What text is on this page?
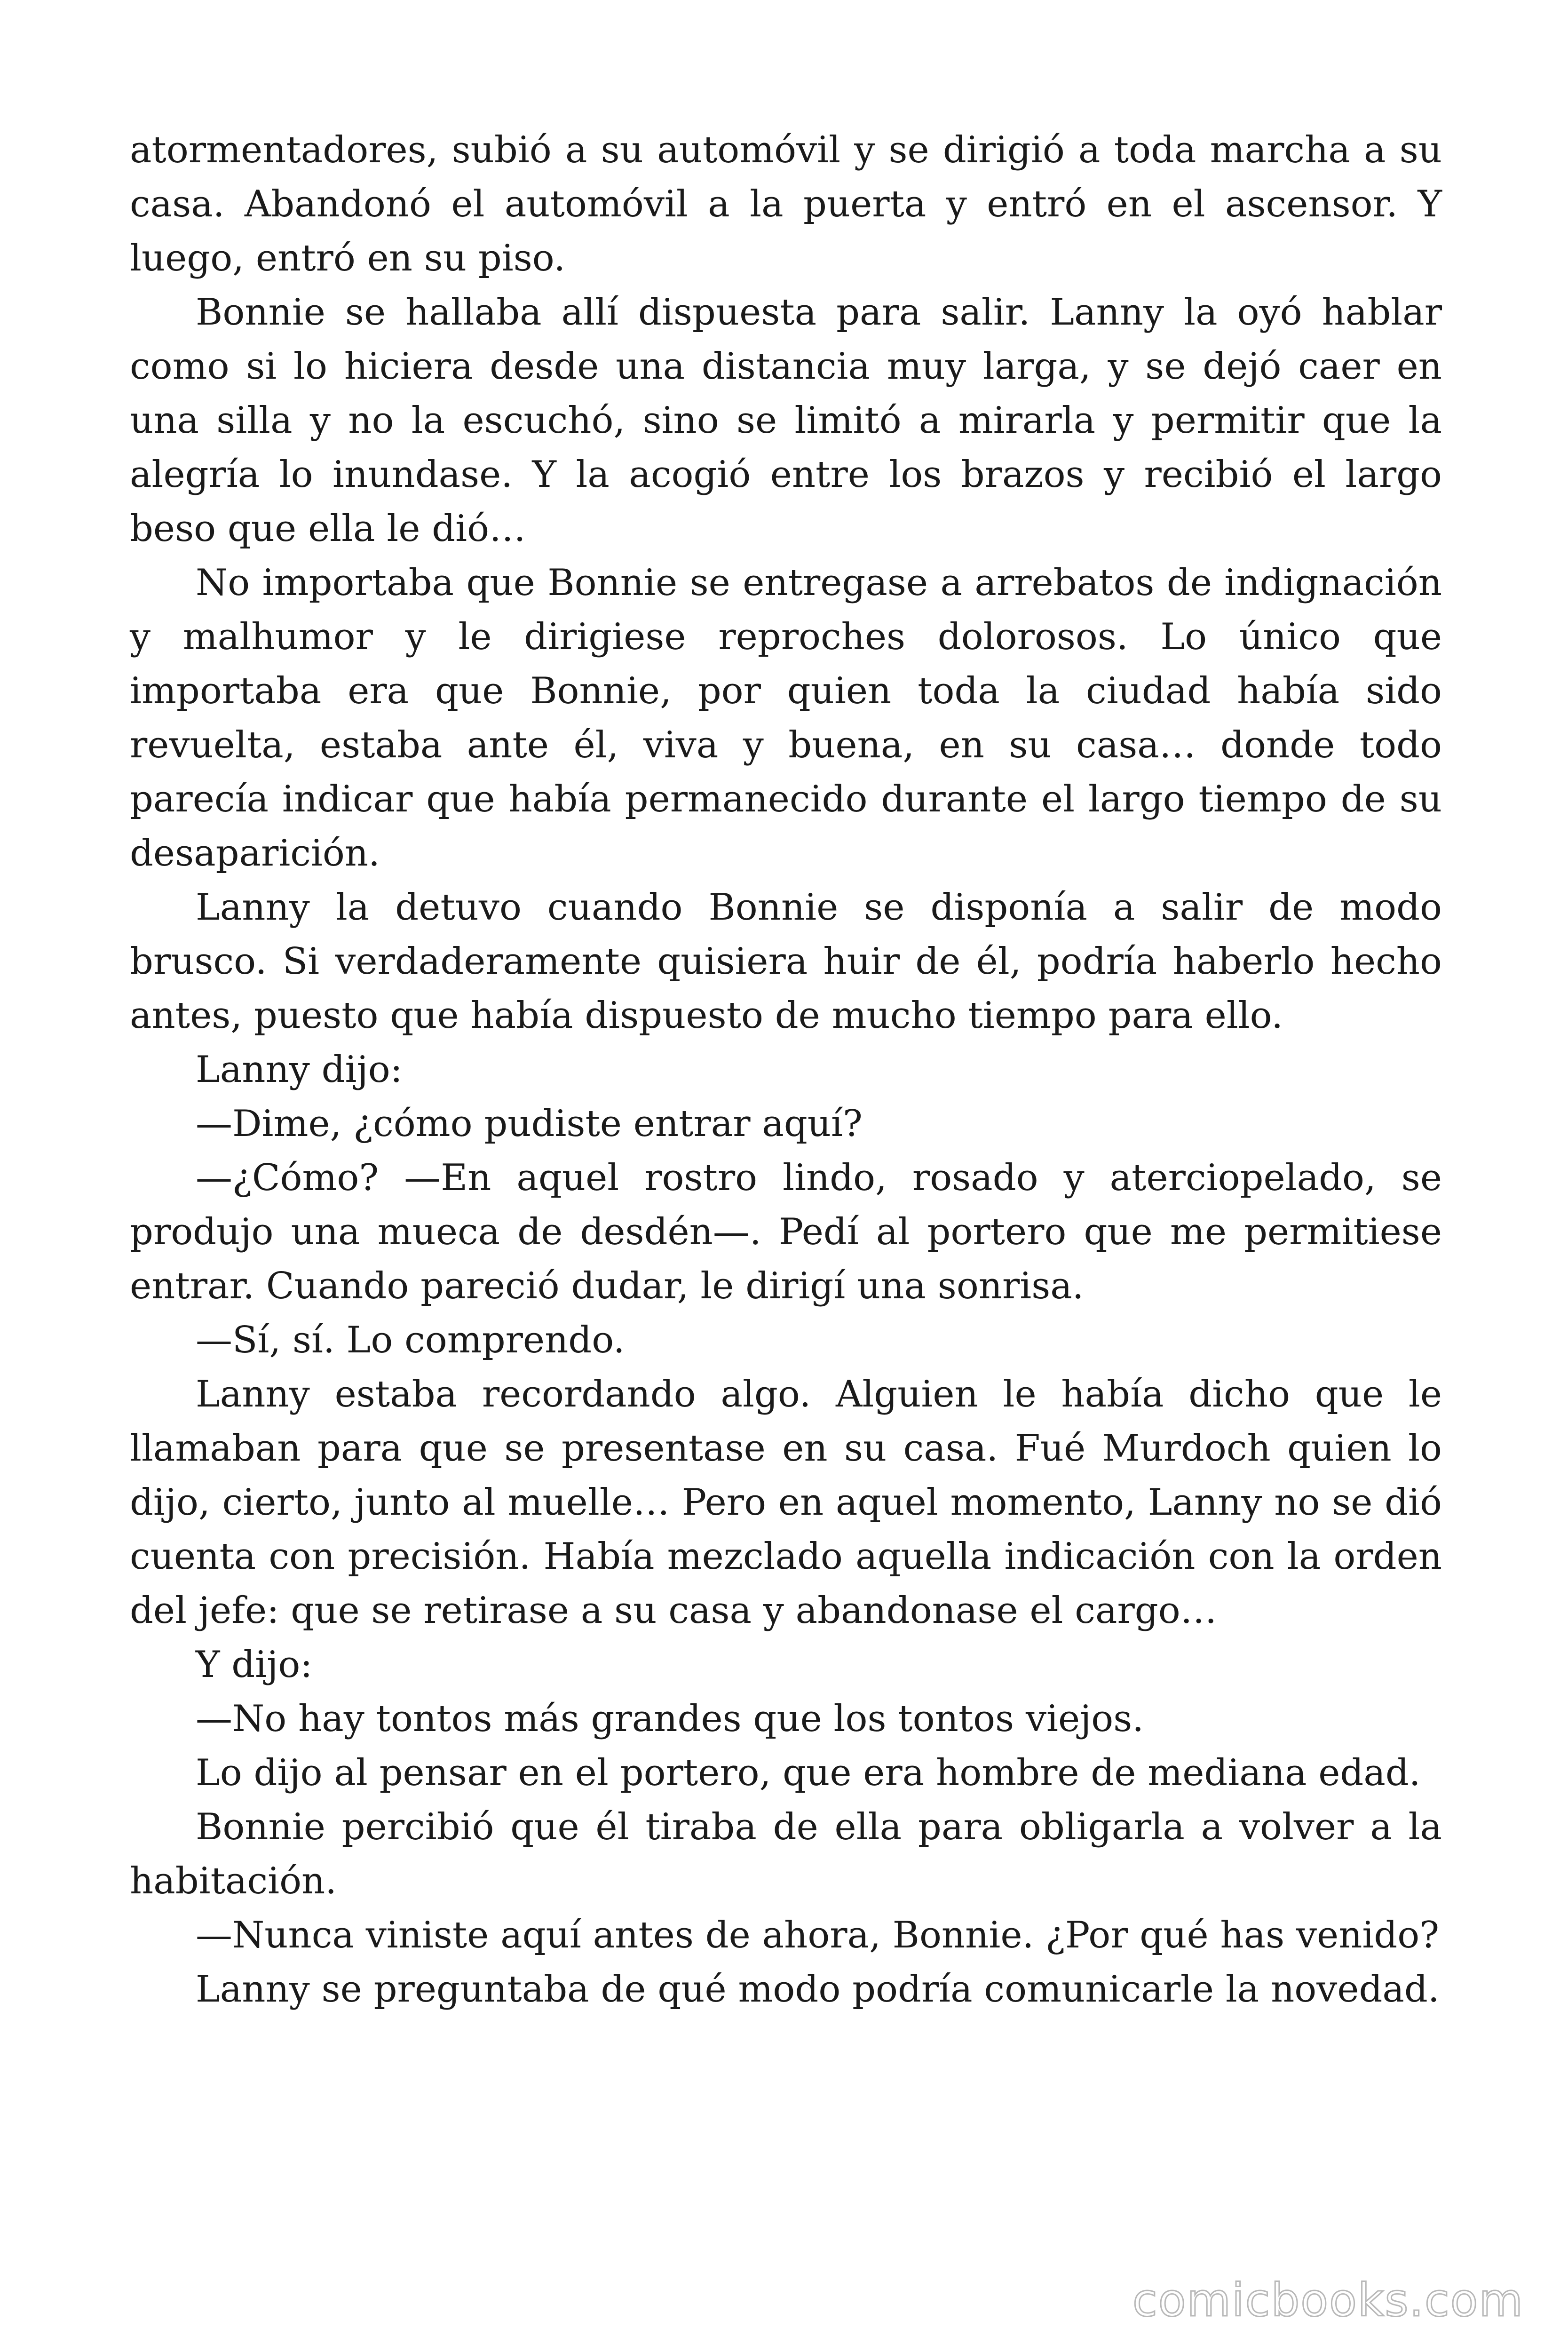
atormentadores, subió a su automóvil y se dirigió a toda marcha a su casa. Abandonó el automóvil a la puerta y entró en el ascensor. Y luego, entró en su piso.

Bonnie se hallaba allí dispuesta para salir. Lanny la oyó hablar como si lo hiciera desde una distancia muy larga, y se dejó caer en una silla y no la escuchó, sino se limitó a mirarla y permitir que la alegría lo inundase. Y la acogió entre los brazos y recibió el largo beso que ella le dió…

No importaba que Bonnie se entregase a arrebatos de indignación y malhumor y le dirigiese reproches dolorosos. Lo único que importaba era que Bonnie, por quien toda la ciudad había sido revuelta, estaba ante él, viva y buena, en su casa… donde todo parecía indicar que había permanecido durante el largo tiempo de su desaparición.

Lanny la detuvo cuando Bonnie se disponía a salir de modo brusco. Si verdaderamente quisiera huir de él, podría haberlo hecho antes, puesto que había dispuesto de mucho tiempo para ello.

Lanny dijo:

—Dime, ¿cómo pudiste entrar aquí?

—¿Cómo? —En aquel rostro lindo, rosado y aterciopelado, se produjo una mueca de desdén—. Pedí al portero que me permitiese entrar. Cuando pareció dudar, le dirigí una sonrisa.

—Sí, sí. Lo comprendo.

Lanny estaba recordando algo. Alguien le había dicho que le llamaban para que se presentase en su casa. Fué Murdoch quien lo dijo, cierto, junto al muelle… Pero en aquel momento, Lanny no se dió cuenta con precisión. Había mezclado aquella indicación con la orden del jefe: que se retirase a su casa y abandonase el cargo…

Y dijo:

—No hay tontos más grandes que los tontos viejos.

Lo dijo al pensar en el portero, que era hombre de mediana edad.

Bonnie percibió que él tiraba de ella para obligarla a volver a la habitación.

—Nunca viniste aquí antes de ahora, Bonnie. ¿Por qué has venido?

Lanny se preguntaba de qué modo podría comunicarle la novedad.

comicbooks.com
